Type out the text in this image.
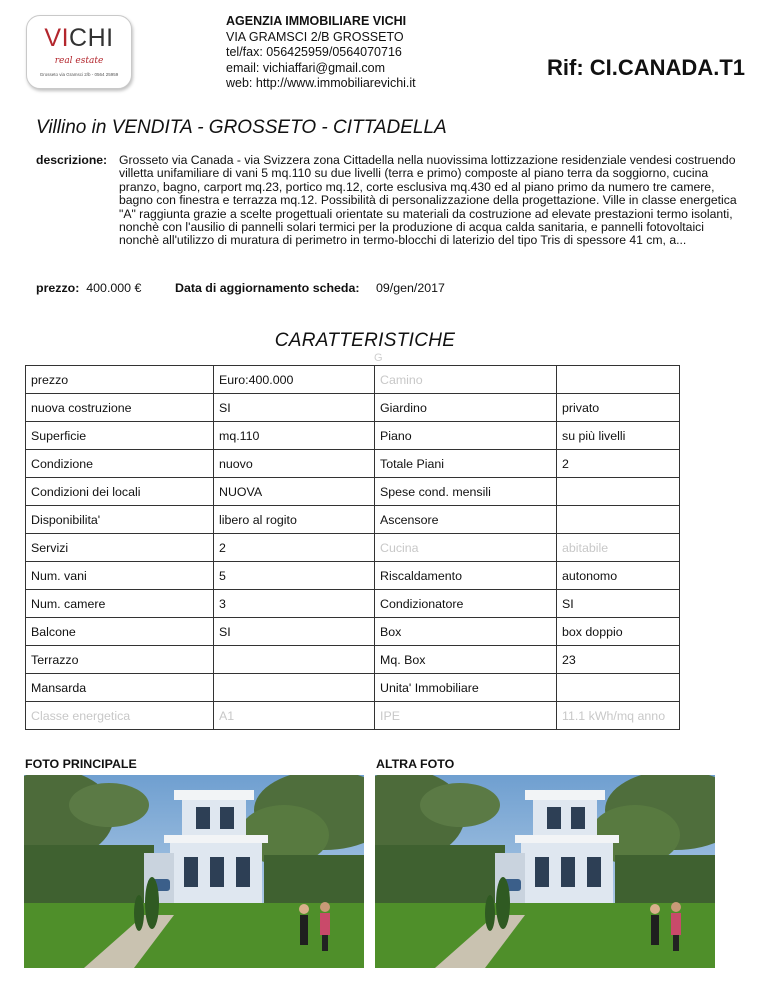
VICHI
real estate
Grosseto via Gramsci 2/b - 0564 25959
AGENZIA IMMOBILIARE VICHI
VIA GRAMSCI 2/B GROSSETO
tel/fax: 056425959/0564070716
email: vichiaffari@gmail.com
web: http://www.immobiliarevichi.it
Rif: CI.CANADA.T1
Villino in VENDITA - GROSSETO - CITTADELLA
descrizione: Grosseto via Canada - via Svizzera zona Cittadella nella nuovissima lottizzazione residenziale vendesi costruendo villetta unifamiliare di vani 5 mq.110 su due livelli (terra e primo) composte al piano terra da soggiorno, cucina pranzo, bagno, carport mq.23, portico mq.12, corte esclusiva mq.430 ed al piano primo da numero tre camere, bagno con finestra e terrazza mq.12. Possibilità di personalizzazione della progettazione. Ville in classe energetica "A" raggiunta grazie a scelte progettuali orientate su materiali da costruzione ad elevate prestazioni termo isolanti, nonchè con l'ausilio di pannelli solari termici per la produzione di acqua calda sanitaria, e pannelli fotovoltaici nonchè all'utilizzo di muratura di perimetro in termo-blocchi di laterizio del tipo Tris di spessore 41 cm, a...
prezzo: 400.000 €	Data di aggiornamento scheda: 09/gen/2017
CARATTERISTICHE
G
prezzo	Euro:400.000	Camino	
nuova costruzione	SI	Giardino	privato
Superficie	mq.110	Piano	su più livelli
Condizione	nuovo	Totale Piani	2
Condizioni dei locali	NUOVA	Spese cond. mensili	
Disponibilita'	libero al rogito	Ascensore	
Servizi	2	Cucina	abitabile
Num. vani	5	Riscaldamento	autonomo
Num. camere	3	Condizionatore	SI
Balcone	SI	Box	box doppio
Terrazzo		Mq. Box	23
Mansarda		Unita' Immobiliare	
Classe energetica	A1	IPE	11.1 kWh/mq anno
FOTO PRINCIPALE	ALTRA FOTO
